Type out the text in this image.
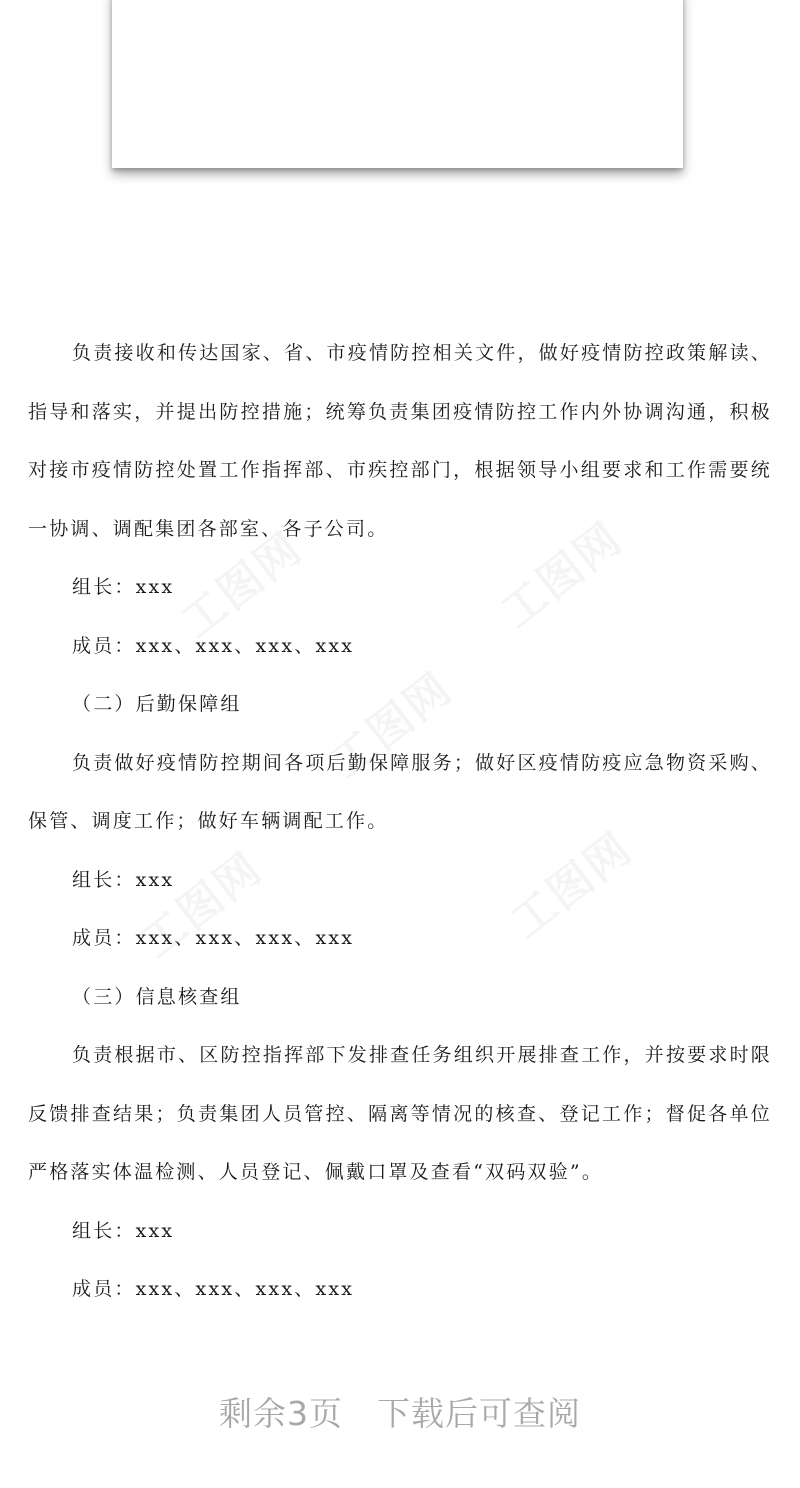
负责接收和传达国家、省、市疫情防控相关文件，做好疫情防控政策解读、指导和落实，并提出防控措施；统筹负责集团疫情防控工作内外协调沟通，积极对接市疫情防控处置工作指挥部、市疾控部门，根据领导小组要求和工作需要统一协调、调配集团各部室、各子公司。

组长：xxx

成员：xxx、xxx、xxx、xxx

（二）后勤保障组

负责做好疫情防控期间各项后勤保障服务；做好区疫情防疫应急物资采购、保管、调度工作；做好车辆调配工作。

组长：xxx

成员：xxx、xxx、xxx、xxx

（三）信息核查组

负责根据市、区防控指挥部下发排查任务组织开展排查工作，并按要求时限反馈排查结果；负责集团人员管控、隔离等情况的核查、登记工作；督促各单位严格落实体温检测、人员登记、佩戴口罩及查看“双码双验”。

组长：xxx

成员：xxx、xxx、xxx、xxx

剩余3页　下载后可查阅
